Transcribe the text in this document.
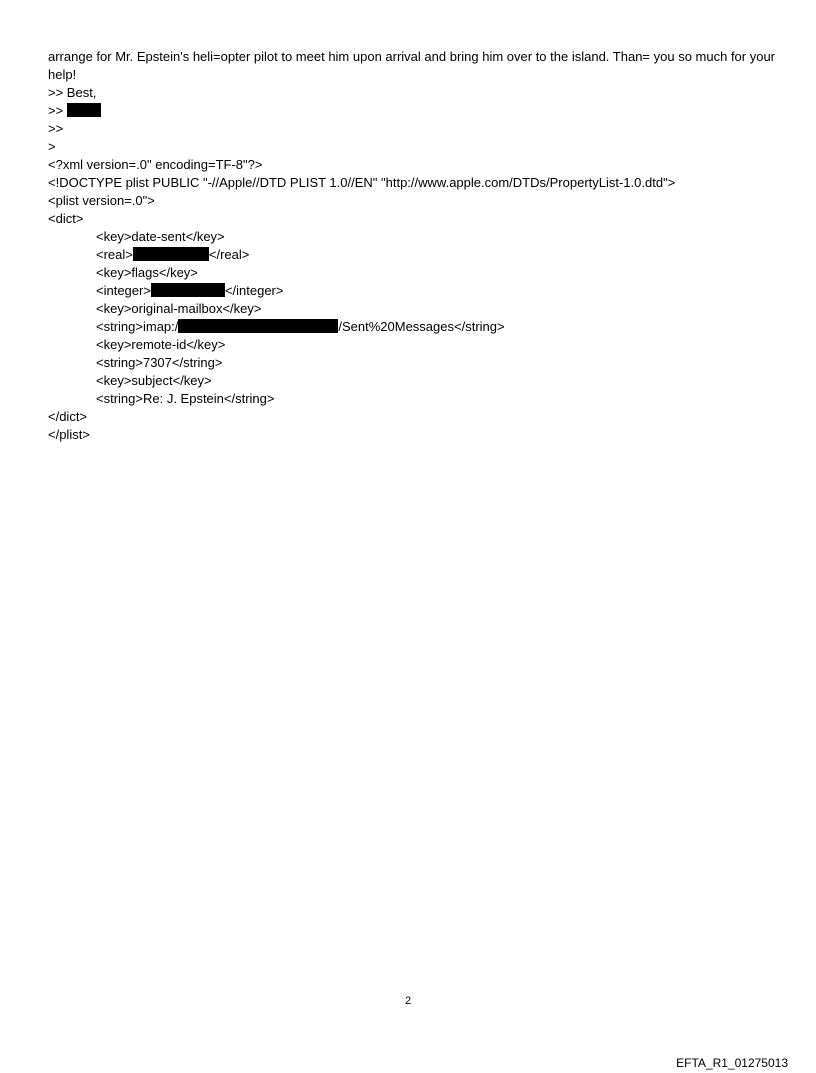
arrange for Mr. Epstein's heli=opter pilot to meet him upon arrival and bring him over to the island. Than= you so much for your help!
>> Best,
>>
>>
>
<?xml version=.0" encoding=TF-8"?>
<!DOCTYPE plist PUBLIC "-//Apple//DTD PLIST 1.0//EN" "http://www.apple.com/DTDs/PropertyList-1.0.dtd">
<plist version=.0">
<dict>
<key>date-sent</key>
<real>	</real>
<key>flags</key>
<integer>	</integer>
<key>original-mailbox</key>
<string>imap:/	/Sent%20Messages</string>
<key>remote-id</key>
<string>7307</string>
<key>subject</key>
<string>Re: J. Epstein</string>
</dict>
</plist>
2
EFTA_R1_01275013
